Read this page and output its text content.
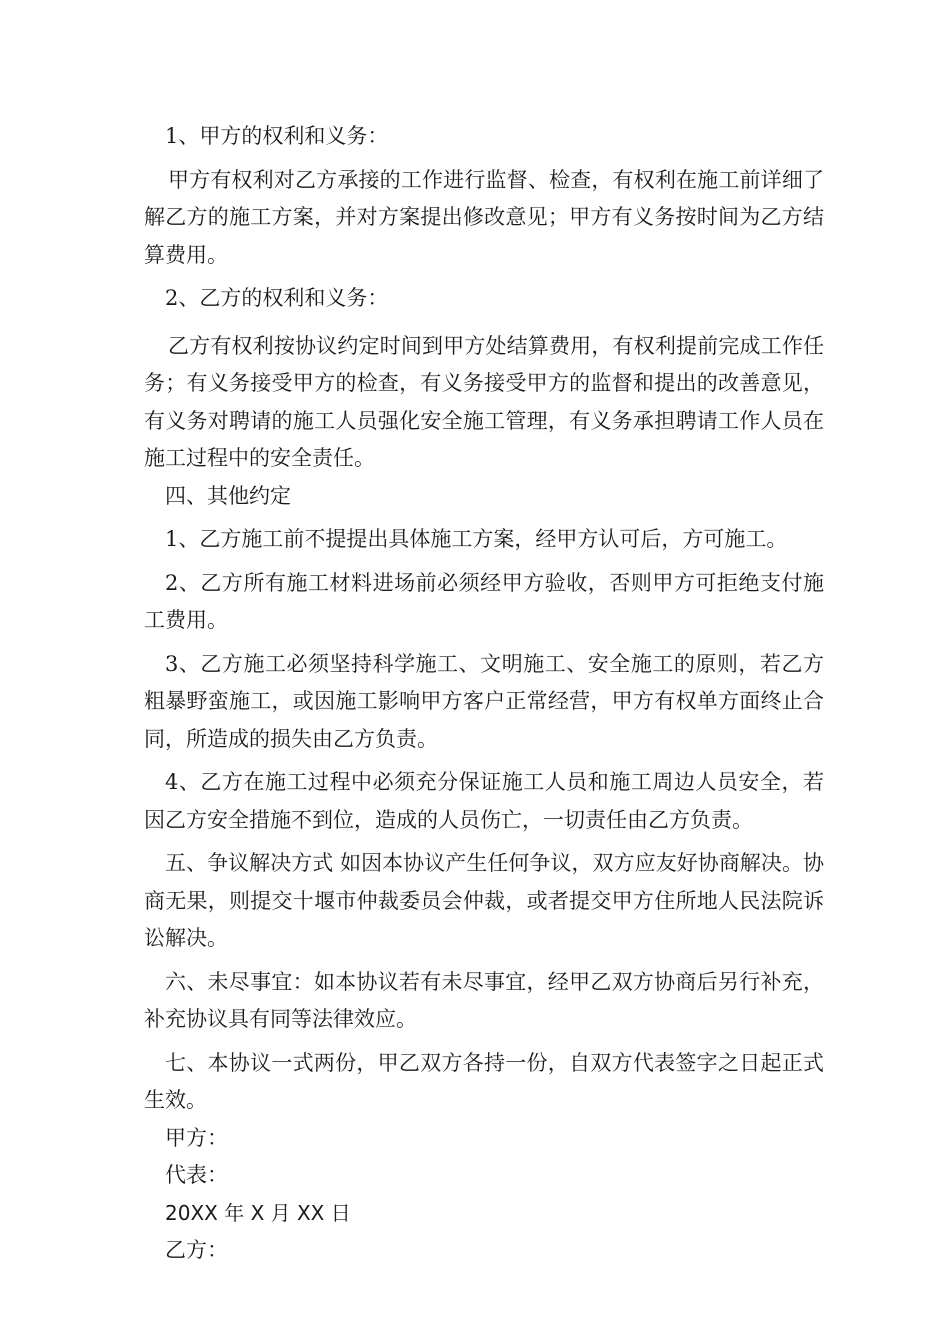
1、甲方的权利和义务：

甲方有权利对乙方承接的工作进行监督、检查，有权利在施工前详细了解乙方的施工方案，并对方案提出修改意见；甲方有义务按时间为乙方结算费用。

2、乙方的权利和义务：

乙方有权利按协议约定时间到甲方处结算费用，有权利提前完成工作任务；有义务接受甲方的检查，有义务接受甲方的监督和提出的改善意见，有义务对聘请的施工人员强化安全施工管理，有义务承担聘请工作人员在施工过程中的安全责任。

四、其他约定

1、乙方施工前不提提出具体施工方案，经甲方认可后，方可施工。

2、乙方所有施工材料进场前必须经甲方验收，否则甲方可拒绝支付施工费用。

3、乙方施工必须坚持科学施工、文明施工、安全施工的原则，若乙方粗暴野蛮施工，或因施工影响甲方客户正常经营，甲方有权单方面终止合同，所造成的损失由乙方负责。

4、乙方在施工过程中必须充分保证施工人员和施工周边人员安全，若因乙方安全措施不到位，造成的人员伤亡，一切责任由乙方负责。

五、争议解决方式 如因本协议产生任何争议，双方应友好协商解决。协商无果，则提交十堰市仲裁委员会仲裁，或者提交甲方住所地人民法院诉讼解决。

六、未尽事宜：如本协议若有未尽事宜，经甲乙双方协商后另行补充，补充协议具有同等法律效应。

七、本协议一式两份，甲乙双方各持一份，自双方代表签字之日起正式生效。

甲方：

代表：

20XX 年 X 月 XX 日

乙方：
